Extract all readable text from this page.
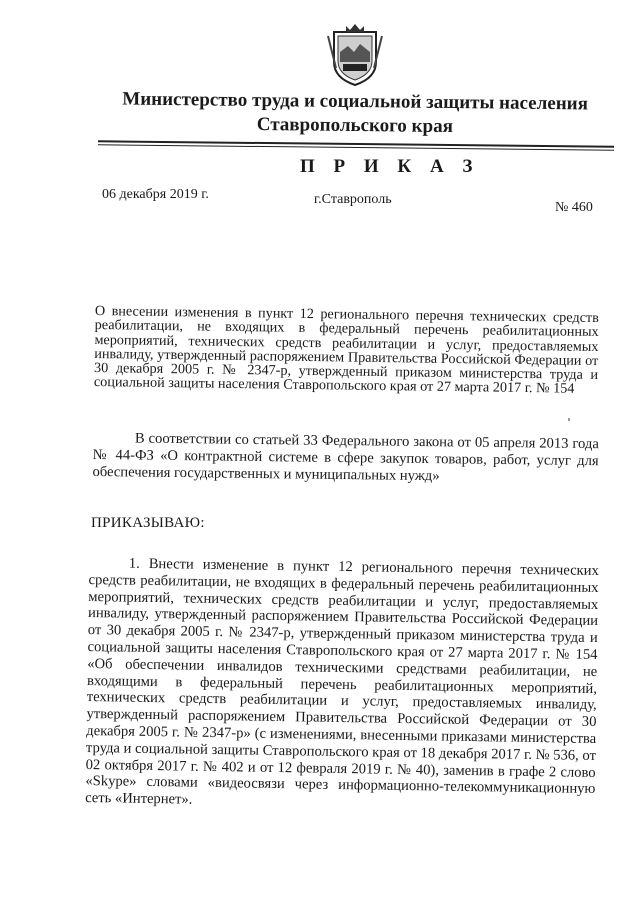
Министерство труда и социальной защиты населения
Ставропольского края
П Р И К А З
06 декабря 2019 г.	г.Ставрополь
№ 460
О внесении изменения в пункт 12 регионального перечня технических средств реабилитации, не входящих в федеральный перечень реабилитационных мероприятий, технических средств реабилитации и услуг, предоставляемых инвалиду, утвержденный распоряжением Правительства Российской Федерации от 30 декабря 2005 г. № 2347-р, утвержденный приказом министерства труда и социальной защиты населения Ставропольского края от 27 марта 2017 г. № 154
В соответствии со статьей 33 Федерального закона от 05 апреля 2013 года № 44-ФЗ «О контрактной системе в сфере закупок товаров, работ, услуг для обеспечения государственных и муниципальных нужд»
ПРИКАЗЫВАЮ:
1. Внести изменение в пункт 12 регионального перечня технических средств реабилитации, не входящих в федеральный перечень реабилитационных мероприятий, технических средств реабилитации и услуг, предоставляемых инвалиду, утвержденный распоряжением Правительства Российской Федерации от 30 декабря 2005 г. № 2347-р, утвержденный приказом министерства труда и социальной защиты населения Ставропольского края от 27 марта 2017 г. № 154 «Об обеспечении инвалидов техническими средствами реабилитации, не входящими в федеральный перечень реабилитационных мероприятий, технических средств реабилитации и услуг, предоставляемых инвалиду, утвержденный распоряжением Правительства Российской Федерации от 30 декабря 2005 г. № 2347-р» (с изменениями, внесенными приказами министерства труда и социальной защиты Ставропольского края от 18 декабря 2017 г. № 536, от 02 октября 2017 г. № 402 и от 12 февраля 2019 г. № 40), заменив в графе 2 слово «Skype» словами «видеосвязи через информационно-телекоммуникационную сеть «Интернет».
